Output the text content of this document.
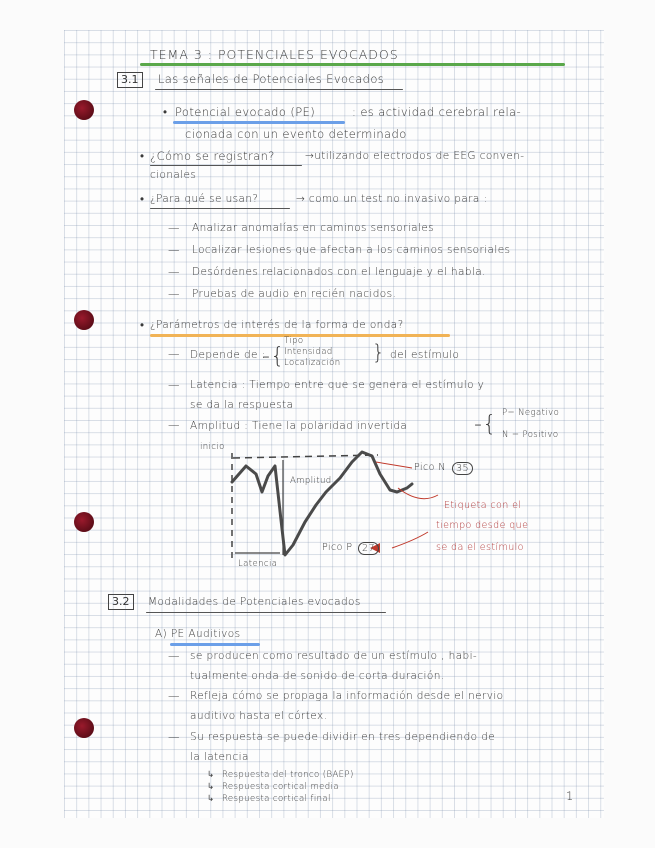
TEMA 3 : POTENCIALES EVOCADOS
3.1	Las señales de Potenciales Evocados
• Potencial evocado (PE)	: es actividad cerebral rela-
cionada con un evento determinado
• ¿Cómo se registran?	→utilizando electrodos de EEG conven-
cionales
• ¿Para qué se usan?	→ como un test no invasivo para :
— Analizar anomalías en caminos sensoriales
— Localizar lesiones que afectan a los caminos sensoriales
— Desórdenes relacionados con el lenguaje y el habla.
— Pruebas de audio en recién nacidos.
• ¿Parámetros de interés de la forma de onda?
— Depende de :
-{
Tipo
Intensidad
Localización } del estímulo
— Latencia : Tiempo entre que se genera el estímulo y
se da la respuesta
— Amplitud : Tiene la polaridad invertida	-{ P= Negativo
N = Positivo
inicio
Amplitud
Latencia
Pico N	35
Pico P	27
Etiqueta con el
tiempo desde que
se da el estímulo
3.2	Modalidades de Potenciales evocados
A) PE Auditivos
— se producen como resultado de un estímulo , habi-
tualmente onda de sonido de corta duración.
— Refleja cómo se propaga la información desde el nervio
auditivo hasta el córtex.
— Su respuesta se puede dividir en tres dependiendo de
la latencia
↳ Respuesta del tronco (BAEP)
↳ Respuesta cortical media
↳ Respuesta cortical final	1
